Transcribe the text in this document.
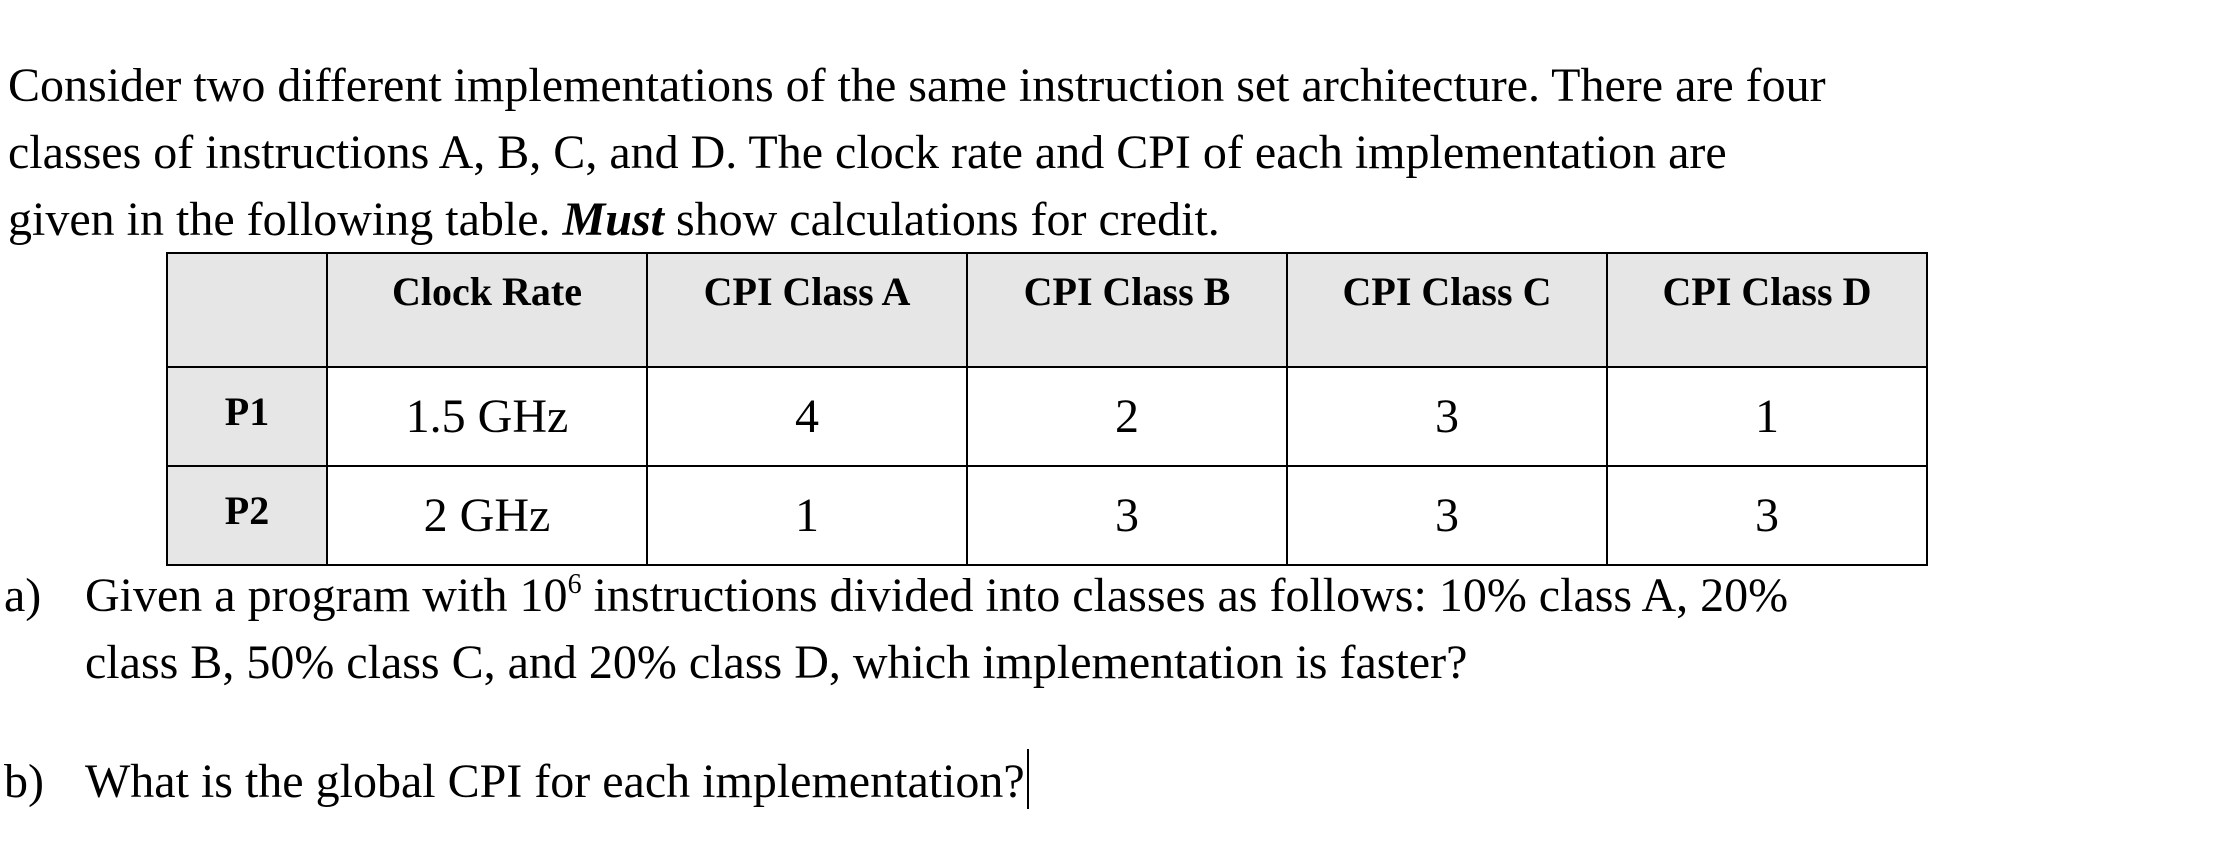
Consider two different implementations of the same instruction set architecture. There are four
classes of instructions A, B, C, and D. The clock rate and CPI of each implementation are
given in the following table. Must show calculations for credit.
	Clock Rate	CPI Class A	CPI Class B	CPI Class C	CPI Class D
P1	1.5 GHz	4	2	3	1
P2	2 GHz	1	3	3	3
a) Given a program with $10^6$ instructions divided into classes as follows: 10% class A, 20%
class B, 50% class C, and 20% class D, which implementation is faster?
b) What is the global CPI for each implementation?
